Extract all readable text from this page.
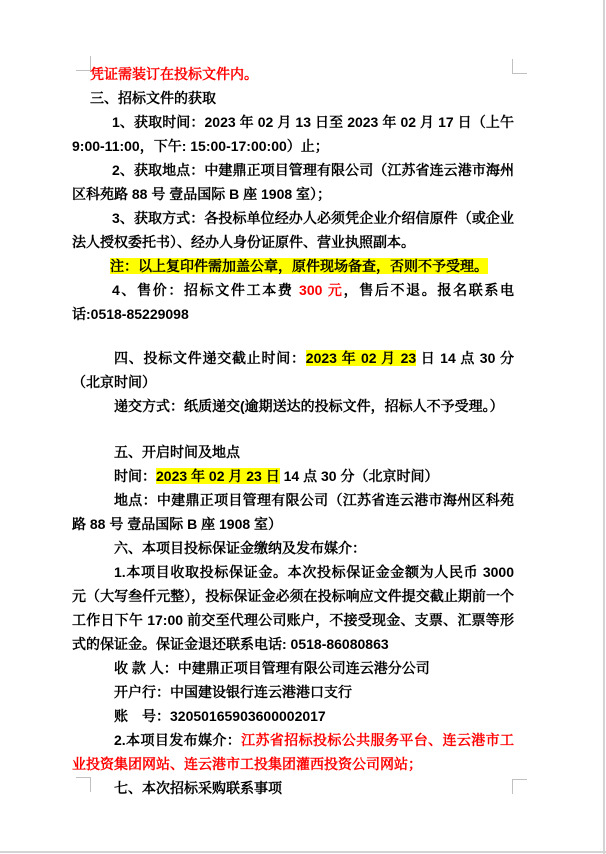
凭证需装订在投标文件内。

三、招标文件的获取

1、获取时间：2023 年 02 月 13 日至 2023 年 02 月 17 日（上午 9:00-11:00，下午: 15:00-17:00:00）止；

2、获取地点：中建鼎正项目管理有限公司（江苏省连云港市海州区科苑路 88 号 壹品国际 B 座 1908 室）；

3、获取方式：各投标单位经办人必须凭企业介绍信原件（或企业法人授权委托书）、经办人身份证原件、营业执照副本。

注：以上复印件需加盖公章，原件现场备查，否则不予受理。

4、售价：招标文件工本费 300 元，售后不退。报名联系电话:0518-85229098

四、投标文件递交截止时间：2023 年 02 月 23 日 14 点 30 分（北京时间）

递交方式：纸质递交(逾期送达的投标文件，招标人不予受理。）

五、开启时间及地点

时间：2023 年 02 月 23 日 14 点 30 分（北京时间）

地点：中建鼎正项目管理有限公司（江苏省连云港市海州区科苑路 88 号 壹品国际 B 座 1908 室）

六、本项目投标保证金缴纳及发布媒介：

1.本项目收取投标保证金。本次投标保证金金额为人民币 3000 元（大写叁仟元整），投标保证金必须在投标响应文件提交截止期前一个工作日下午 17:00 前交至代理公司账户，不接受现金、支票、汇票等形式的保证金。保证金退还联系电话: 0518-86080863

收 款 人：中建鼎正项目管理有限公司连云港分公司

开户行：中国建设银行连云港港口支行

账　号：32050165903600002017

2.本项目发布媒介：江苏省招标投标公共服务平台、连云港市工业投资集团网站、连云港市工投集团灌西投资公司网站；

七、本次招标采购联系事项
